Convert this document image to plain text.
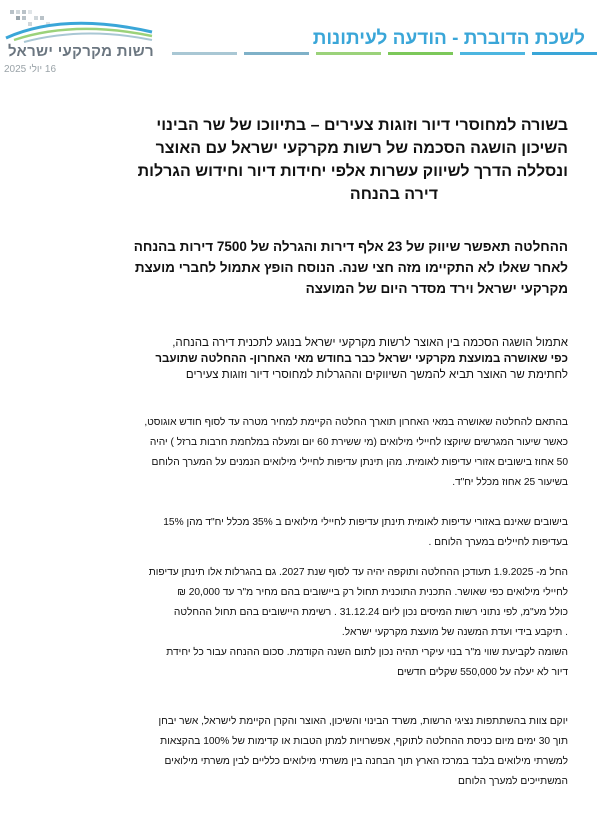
רשות מקרקעי ישראל
16 יולי 2025
לשכת הדוברת - הודעה לעיתונות
בשורה למחוסרי דיור וזוגות צעירים – בתיווכו של שר הבינוי
השיכון הושגה הסכמה של רשות מקרקעי ישראל עם האוצר
ונסללה הדרך לשיווק עשרות אלפי יחידות דיור וחידוש הגרלות
דירה בהנחה
ההחלטה תאפשר שיווק של 23 אלף דירות והגרלה של 7500 דירות בהנחה
לאחר שאלו לא התקיימו מזה חצי שנה. הנוסח הופץ אתמול לחברי מועצת
מקרקעי ישראל וירד מסדר היום של המועצה
אתמול הושגה הסכמה בין האוצר לרשות מקרקעי ישראל בנוגע לתכנית דירה בהנחה,
כפי שאושרה במועצת מקרקעי ישראל כבר בחודש מאי האחרון- ההחלטה שתועבר
לחתימת שר האוצר תביא להמשך השיווקים וההגרלות למחוסרי דיור וזוגות צעירים
בהתאם להחלטה שאושרה במאי האחרון תוארך החלטה הקיימת למחיר מטרה עד לסוף חודש אוגוסט,
כאשר שיעור המגרשים שיוקצו לחיילי מילואים (מי ששירת 60 יום ומעלה במלחמת חרבות ברזל ) יהיה
50 אחוז בישובים אזורי עדיפות לאומית. מהן תינתן עדיפות לחיילי מילואים הנמנים על המערך הלוחם
בשיעור 25 אחוז מכלל יח"ד.
בישובים שאינם באזורי עדיפות לאומית תינתן עדיפות לחיילי מילואים ב 35% מכלל יח"ד מהן 15%
בעדיפות לחיילים במערך הלוחם .
החל מ- 1.9.2025 תעודכן ההחלטה ותוקפה יהיה עד לסוף שנת 2027. גם בהגרלות אלו תינתן עדיפות
לחיילי מילואים כפי שאושר. התכנית התוכנית תחול רק ביישובים בהם מחיר מ"ר עד 20,000 ₪
כולל מע"מ, לפי נתוני רשות המיסים נכון ליום 31.12.24 . רשימת היישובים בהם תחול ההחלטה
. תיקבע בידי ועדת המשנה של מועצת מקרקעי ישראל.
השומה לקביעת שווי מ"ר בנוי עיקרי תהיה נכון לתום השנה הקודמת. סכום ההנחה עבור כל יחידת
דיור לא יעלה על 550,000 שקלים חדשים
יוקם צוות בהשתתפות נציגי הרשות, משרד הבינוי והשיכון, האוצר והקרן הקיימת לישראל, אשר יבחן
תוך 30 ימים מיום כניסת ההחלטה לתוקף, אפשרויות למתן הטבות או קדימות של 100% בהקצאות
למשרתי מילואים בלבד במרכז הארץ תוך הבחנה בין משרתי מילואים כלליים לבין משרתי מילואים
המשתייכים למערך הלוחם
